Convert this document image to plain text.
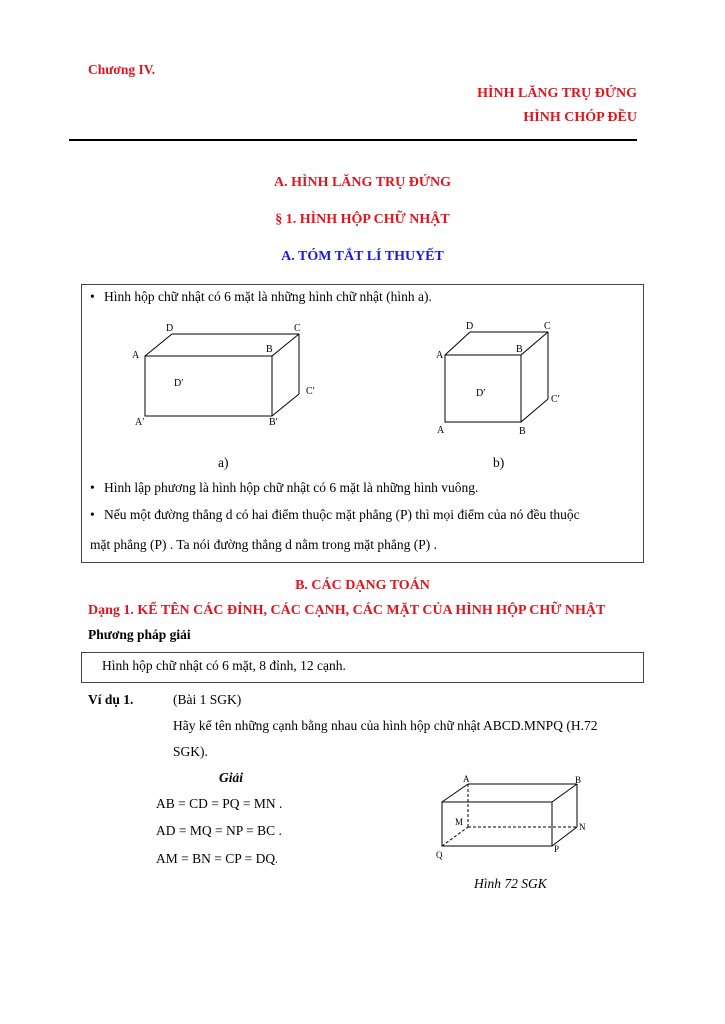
Chương IV.
HÌNH LĂNG TRỤ ĐỨNG
HÌNH CHÓP ĐỀU
A. HÌNH LĂNG TRỤ ĐỨNG
§ 1. HÌNH HỘP CHỮ NHẬT
A. TÓM TẮT LÍ THUYẾT
• Hình hộp chữ nhật có 6 mặt là những hình chữ nhật (hình a).
D	C
A
B
D′
C′
A′	B′
D	C
A
B
D′
C′
A	B
a)	b)
• Hình lập phương là hình hộp chữ nhật có 6 mặt là những hình vuông.
• Nếu một đường thẳng d có hai điểm thuộc mặt phẳng (P) thì mọi điểm của nó đều thuộc
mặt phẳng (P) . Ta nói đường thẳng d nằm trong mặt phẳng (P) .
B. CÁC DẠNG TOÁN
Dạng 1. KỂ TÊN CÁC ĐỈNH, CÁC CẠNH, CÁC MẶT CỦA HÌNH HỘP CHỮ NHẬT
Phương pháp giải
Hình hộp chữ nhật có 6 mặt, 8 đỉnh, 12 cạnh.
Ví dụ 1.	(Bài 1 SGK)
Hãy kể tên những cạnh bằng nhau của hình hộp chữ nhật ABCD.MNPQ (H.72
SGK).
Giải
AB = CD = PQ = MN .
AD = MQ = NP = BC .
AM = BN = CP = DQ.
A	B
M	N
Q
P
Hình 72 SGK
